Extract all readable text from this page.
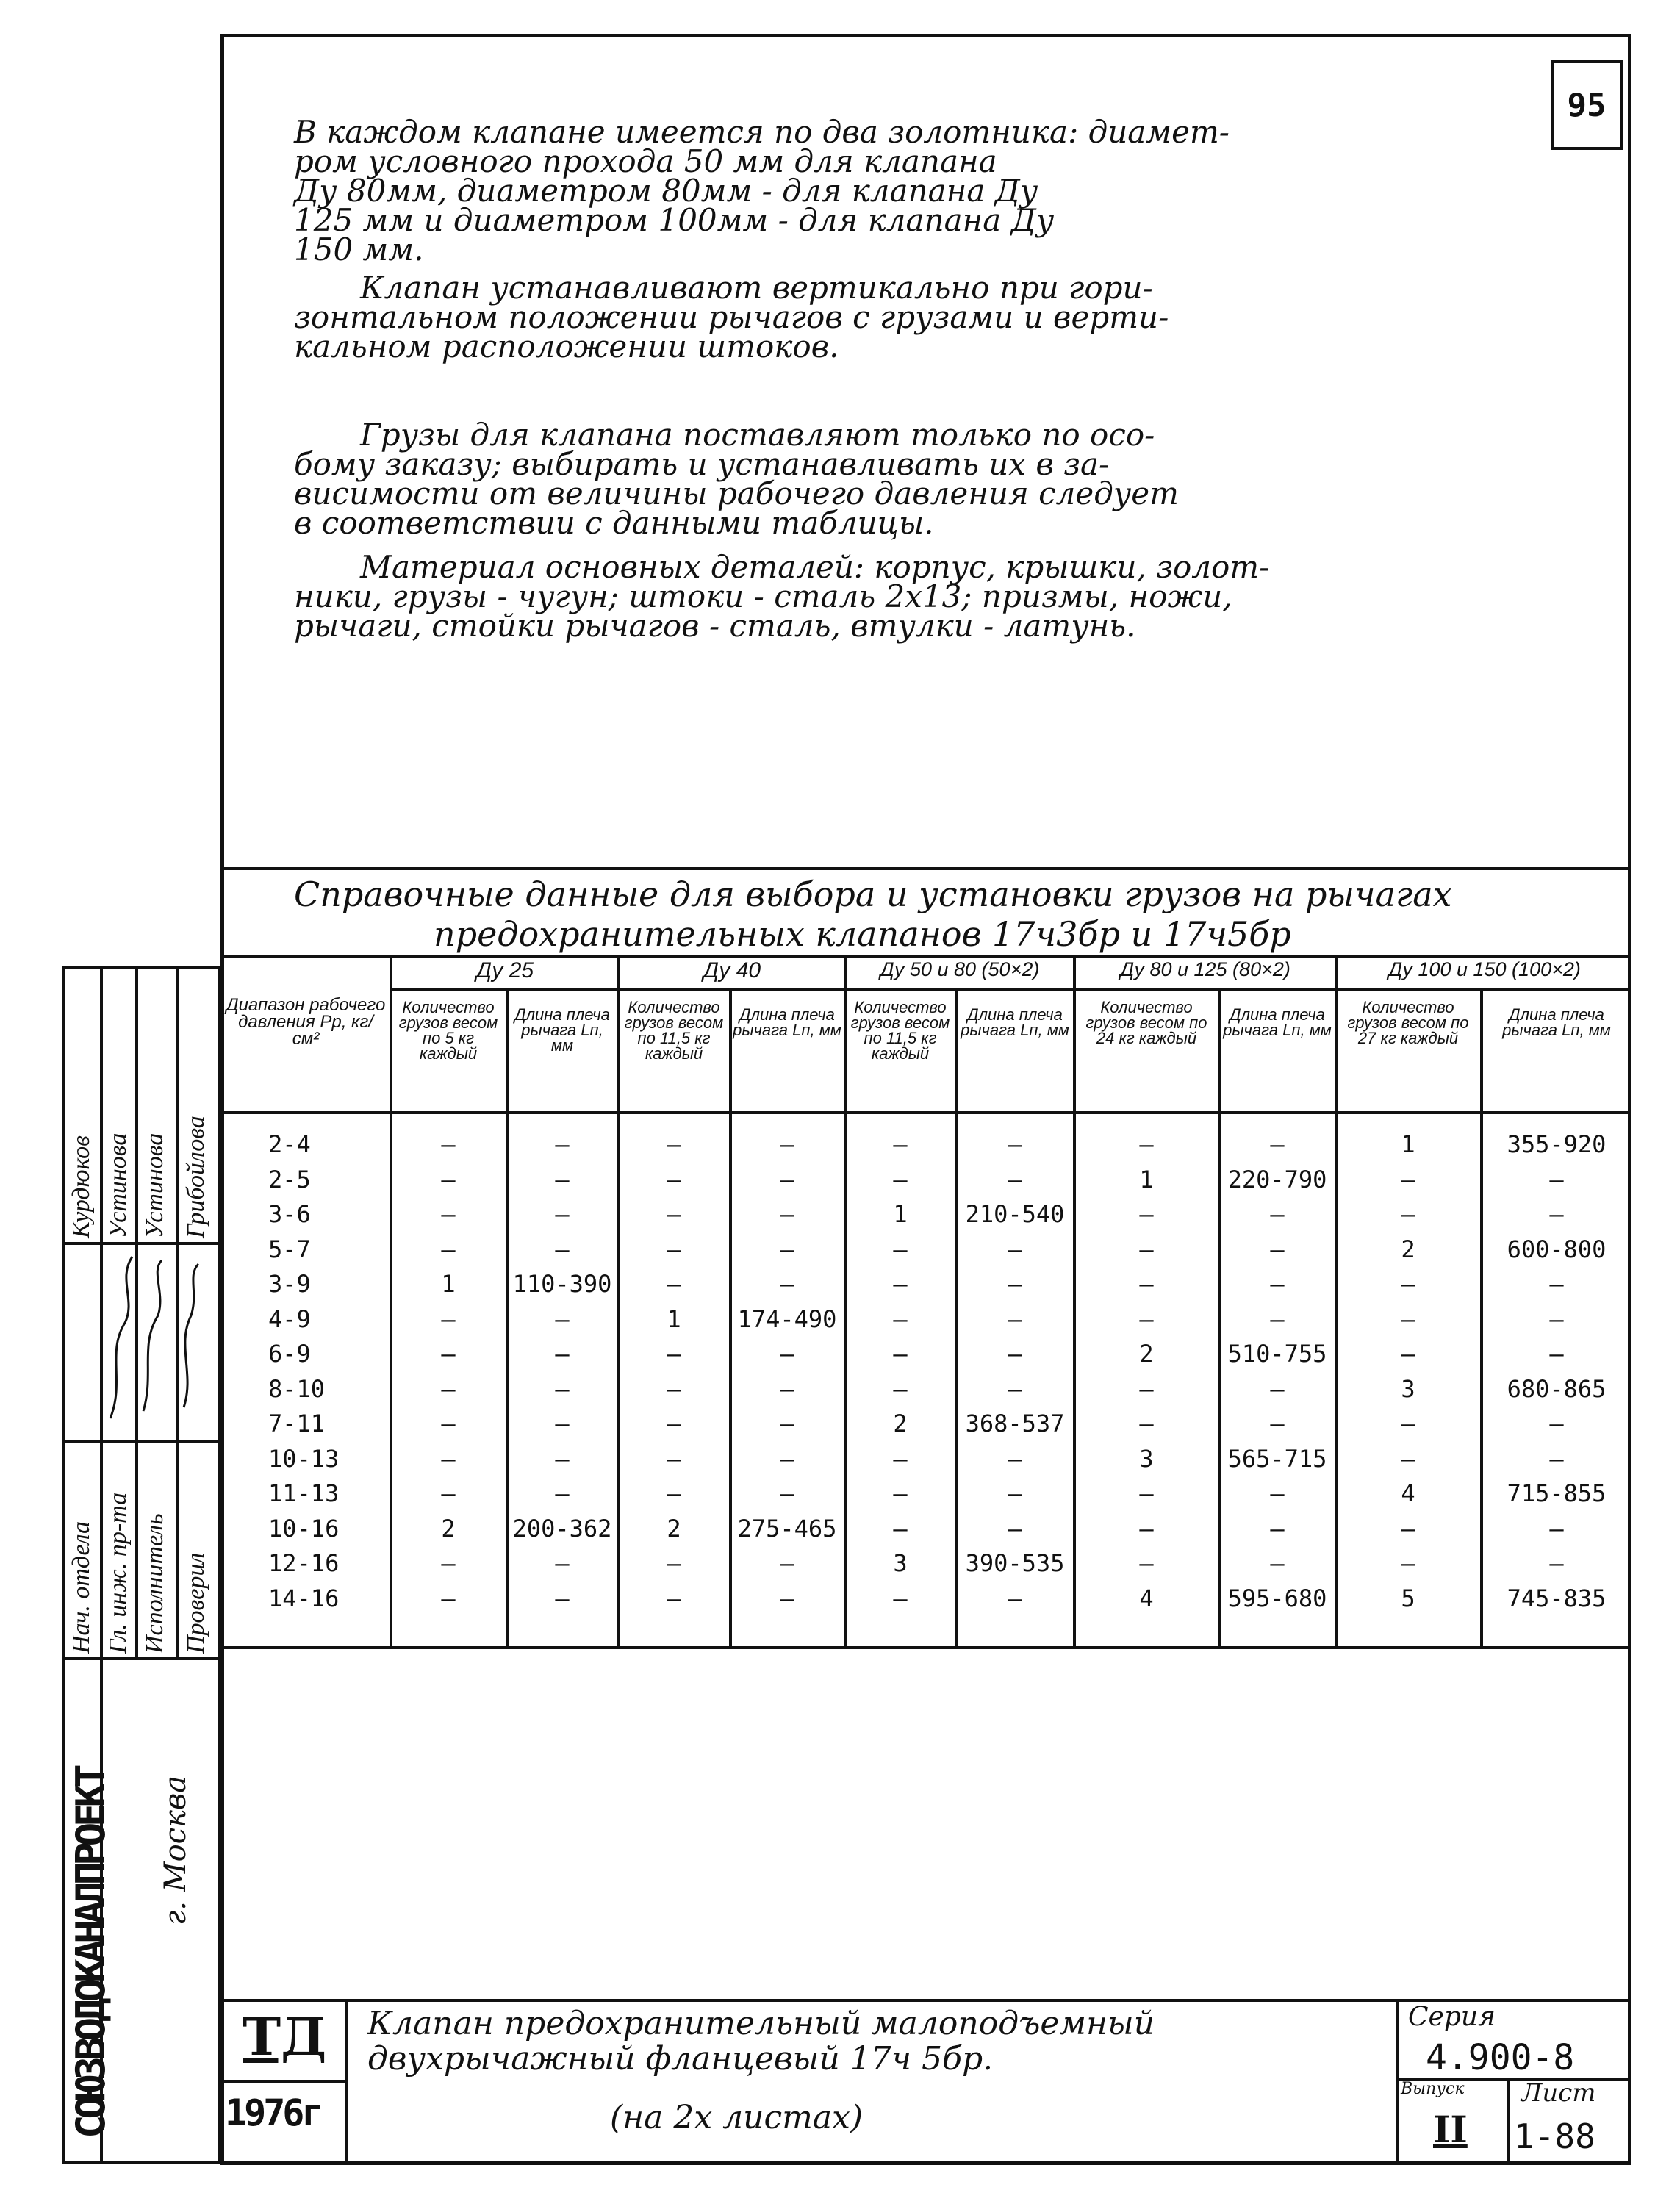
95
В каждом клапане имеется по два золотника: диамет-
ром условного прохода 50 мм для клапана
Ду 80мм, диаметром 80мм - для клапана Ду
125 мм и диаметром 100мм - для клапана Ду
150 мм.
Клапан устанавливают вертикально при гори-
зонтальном положении рычагов с грузами и верти-
кальном расположении штоков.
Грузы для клапана поставляют только по осо-
бому заказу; выбирать и устанавливать их в за-
висимости от величины рабочего давления следует
в соответствии с данными таблицы.
Материал основных деталей: корпус, крышки, золот-
ники, грузы - чугун; штоки - сталь 2х13; призмы, ножи,
рычаги, стойки рычагов - сталь, втулки - латунь.
Справочные данные для выбора и установки грузов на рычагах
предохранительных клапанов 17ч3бр и 17ч5бр
Диапазон рабочего давления Рр, кг/см²
Ду 25	Ду 40	Ду 50 и 80 (50×2)	Ду 80 и 125 (80×2)	Ду 100 и 150 (100×2)
Количество грузов весом по 5 кг каждый
Длина плеча рычага Lп, мм
Количество грузов весом по 11,5 кг каждый
Длина плеча рычага Lп, мм
Количество грузов весом по 11,5 кг каждый
Длина плеча рычага Lп, мм
Количество грузов весом по 24 кг каждый
Длина плеча рычага Lп, мм
Количество грузов весом по 27 кг каждый
Длина плеча рычага Lп, мм
2-4	—	—	—	—	—	—	—	—	1	355-920
2-5	—	—	—	—	—	—	1	220-790	—	—
3-6	—	—	—	—	1	210-540	—	—	—	—
5-7	—	—	—	—	—	—	—	—	2	600-800
3-9	1	110-390	—	—	—	—	—	—	—	—
4-9	—	—	1	174-490	—	—	—	—	—	—
6-9	—	—	—	—	—	—	2	510-755	—	—
8-10	—	—	—	—	—	—	—	—	3	680-865
7-11	—	—	—	—	2	368-537	—	—	—	—
10-13	—	—	—	—	—	—	3	565-715	—	—
11-13	—	—	—	—	—	—	—	—	4	715-855
10-16	2	200-362	2	275-465	—	—	—	—	—	—
12-16	—	—	—	—	3	390-535	—	—	—	—
14-16	—	—	—	—	—	—	4	595-680	5	745-835
Нач. отдела Гл. инж. пр-та Исполнитель Проверил
Курдюков Устинова Устинова Грибойлова
СОЮЗВОДОКАНАЛПРОЕКТ г. Москва
ТД
1976г
Клапан предохранительный малоподъемный
двухрычажный фланцевый 17ч 5бр.
(на 2х листах)
Серия
4.900-8
Выпуск
II
Лист
1-88
